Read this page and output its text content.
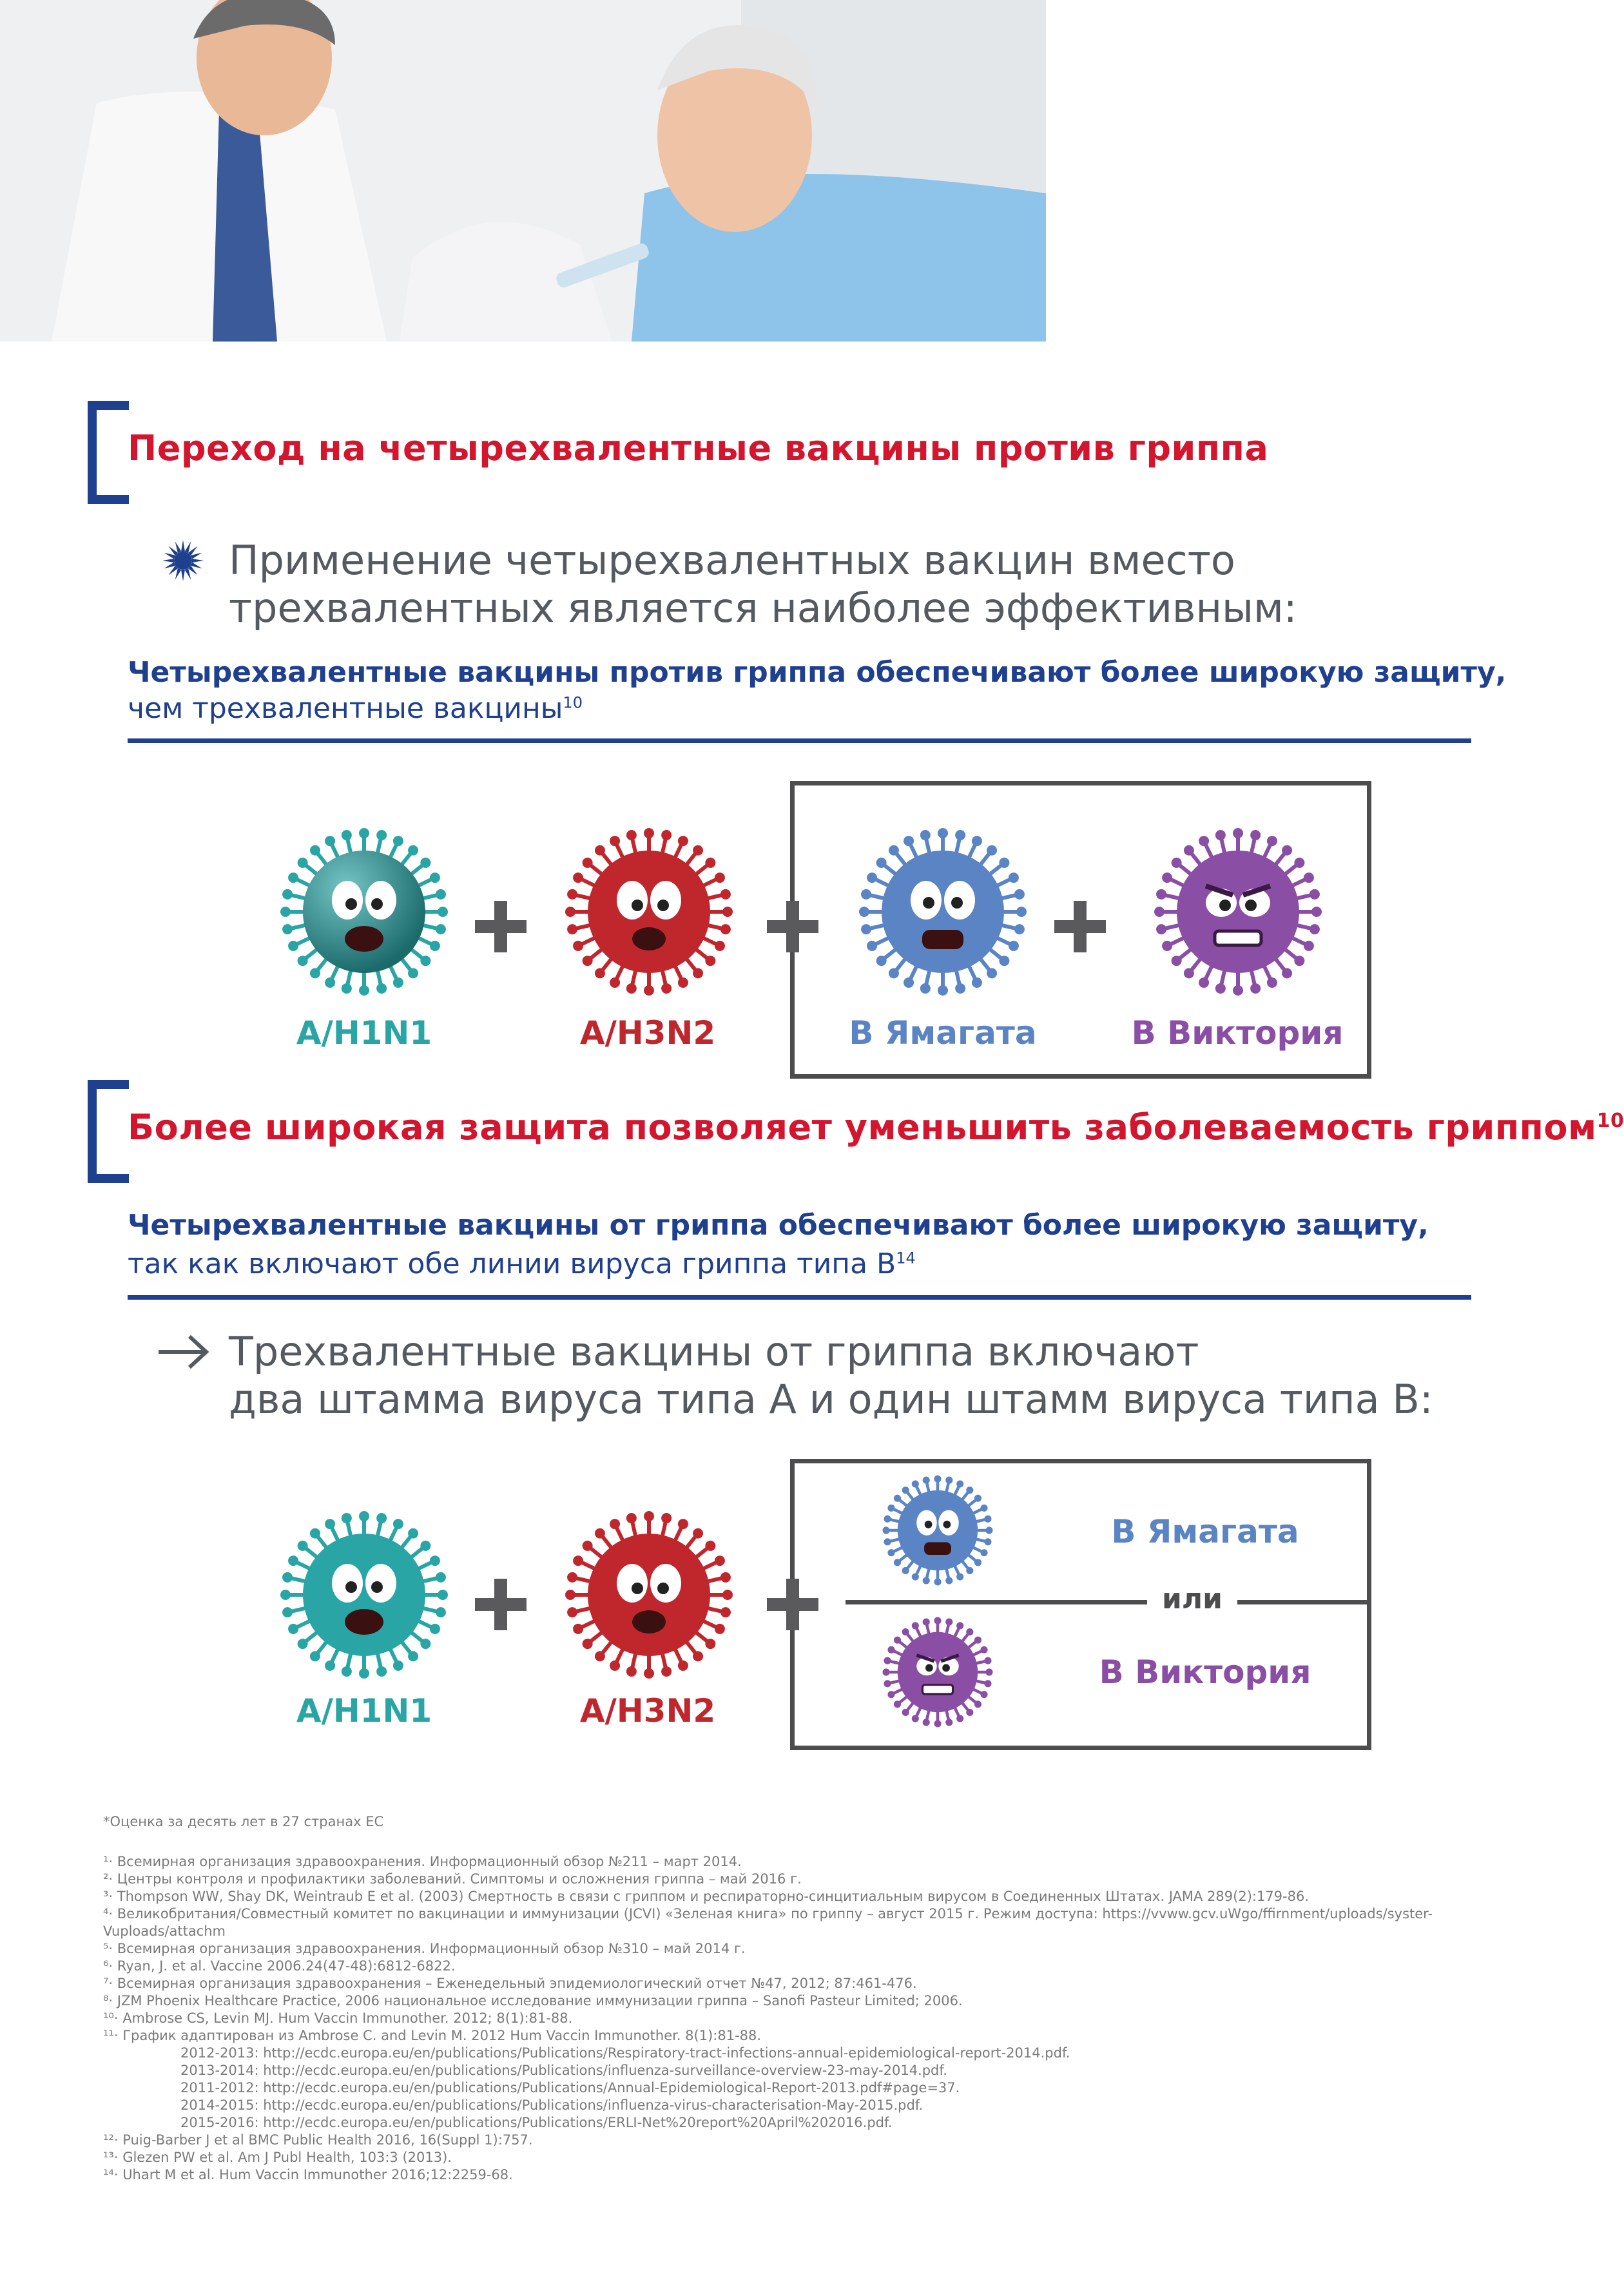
Переход на четырехвалентные вакцины против гриппа
Применение четырехвалентных вакцин вместо
трехвалентных является наиболее эффективным:
Четырехвалентные вакцины против гриппа обеспечивают более широкую защиту,
чем трехвалентные вакцины$^{10}$
A/H1N1	A/H3N2	В Ямагата	В Виктория
Более широкая защита позволяет уменьшить заболеваемость гриппом$^{10}$
Четырехвалентные вакцины от гриппа обеспечивают более широкую защиту,
так как включают обе линии вируса гриппа типа $В^{14}$
Трехвалентные вакцины от гриппа включают
два штамма вируса типа А и один штамм вируса типа В:
В Ямагата
или
В Виктория
A/H1N1	A/H3N2
*Оценка за десять лет в 27 странах ЕС
¹· Всемирная организация здравоохранения. Информационный обзор №211 – март 2014.
²· Центры контроля и профилактики заболеваний. Симптомы и осложнения гриппа – май 2016 г.
³· Thompson WW, Shay DK, Weintraub E et al. (2003) Смертность в связи с гриппом и респираторно-синцитиальным вирусом в Соединенных Штатах. JAMA 289(2):179-86.
⁴· Великобритания/Совместный комитет по вакцинации и иммунизации (JCVI) «Зеленая книга» по гриппу – август 2015 г. Режим доступа: https://vvww.gcv.uWgo/ffirnment/uploads/syster-
Vuploads/attachm
⁵· Всемирная организация здравоохранения. Информационный обзор №310 – май 2014 г.
⁶· Ryan, J. et al. Vaccine 2006.24(47-48):6812-6822.
⁷· Всемирная организация здравоохранения – Еженедельный эпидемиологический отчет №47, 2012; 87:461-476.
⁸· JZM Phoenix Healthcare Practice, 2006 национальное исследование иммунизации гриппа – Sanofi Pasteur Limited; 2006.
¹⁰· Ambrose CS, Levin MJ. Hum Vaccin Immunother. 2012; 8(1):81-88.
¹¹· График адаптирован из Ambrose C. and Levin M. 2012 Hum Vaccin Immunother. 8(1):81-88.
2012-2013: http://ecdc.europa.eu/en/publications/Publications/Respiratory-tract-infections-annual-epidemiological-report-2014.pdf.
2013-2014: http://ecdc.europa.eu/en/publications/Publications/influenza-surveillance-overview-23-may-2014.pdf.
2011-2012: http://ecdc.europa.eu/en/publications/Publications/Annual-Epidemiological-Report-2013.pdf#page=37.
2014-2015: http://ecdc.europa.eu/en/publications/Publications/influenza-virus-characterisation-May-2015.pdf.
2015-2016: http://ecdc.europa.eu/en/publications/Publications/ERLI-Net%20report%20April%202016.pdf.
¹²· Puig-Barber J et al BMC Public Health 2016, 16(Suppl 1):757.
¹³· Glezen PW et al. Am J Publ Health, 103:3 (2013).
¹⁴· Uhart M et al. Hum Vaccin Immunother 2016;12:2259-68.
